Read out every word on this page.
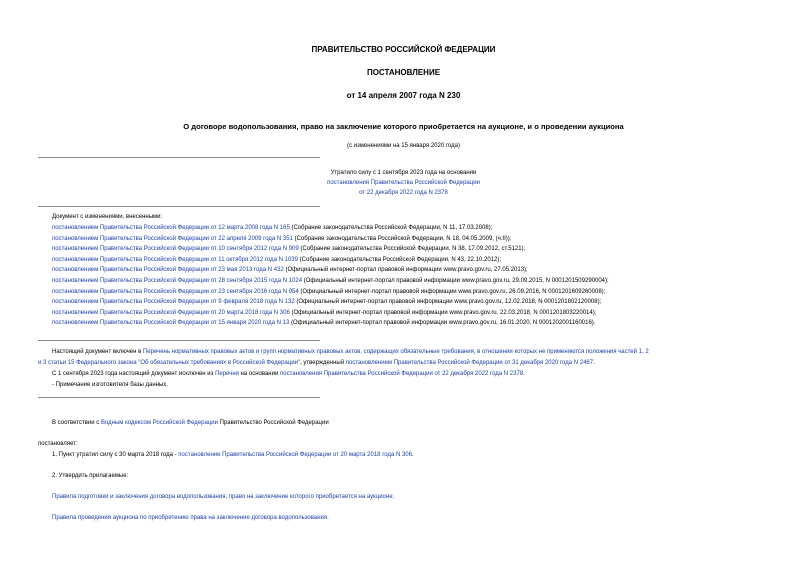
ПРАВИТЕЛЬСТВО РОССИЙСКОЙ ФЕДЕРАЦИИ
ПОСТАНОВЛЕНИЕ
от 14 апреля 2007 года N 230
О договоре водопользования, право на заключение которого приобретается на аукционе, и о проведении аукциона
(с изменениями на 15 января 2020 года)
Утратило силу с 1 сентября 2023 года на основании
постановления Правительства Российской Федерации
от 22 декабря 2022 года N 2378
Документ с изменениями, внесенными:
постановлением Правительства Российской Федерации от 12 марта 2008 года N 165 (Собрание законодательства Российской Федерации, N 11, 17.03.2008);
постановлением Правительства Российской Федерации от 22 апреля 2009 года N 351 (Собрание законодательства Российской Федерации, N 18, 04.05.2009, (ч.II));
постановлением Правительства Российской Федерации от 10 сентября 2012 года N 909 (Собрание законодательства Российской Федерации, N 38, 17.09.2012, ст.5121);
постановлением Правительства Российской Федерации от 11 октября 2012 года N 1039 (Собрание законодательства Российской Федерации, N 43, 22.10.2012);
постановлением Правительства Российской Федерации от 23 мая 2013 года N 432 (Официальный интернет-портал правовой информации www.pravo.gov.ru, 27.05.2013);
постановлением Правительства Российской Федерации от 28 сентября 2015 года N 1024 (Официальный интернет-портал правовой информации www.pravo.gov.ru, 29.09.2015, N 0001201509290004);
постановлением Правительства Российской Федерации от 23 сентября 2016 года N 954 (Официальный интернет-портал правовой информации www.pravo.gov.ru, 26.09.2016, N 0001201609260008);
постановлением Правительства Российской Федерации от 9 февраля 2018 года N 132 (Официальный интернет-портал правовой информации www.pravo.gov.ru, 12.02.2018, N 0001201802120008);
постановлением Правительства Российской Федерации от 20 марта 2018 года N 306 (Официальный интернет-портал правовой информации www.pravo.gov.ru, 22.03.2018, N 0001201803220014);
постановлением Правительства Российской Федерации от 15 января 2020 года N 13 (Официальный интернет-портал правовой информации www.pravo.gov.ru, 16.01.2020, N 0001202001160016).
Настоящий документ включен в Перечень нормативных правовых актов и групп нормативных правовых актов, содержащих обязательные требования, в отношении которых не применяются положения частей 1, 2
и 3 статьи 15 Федерального закона "Об обязательных требованиях в Российской Федерации", утвержденный постановлением Правительства Российской Федерации от 31 декабря 2020 года N 2467.
С 1 сентября 2023 года настоящий документ исключен из Перечня на основании постановления Правительства Российской Федерации от 22 декабря 2022 года N 2378.
- Примечание изготовителя базы данных.
В соответствии с Водным кодексом Российской Федерации Правительство Российской Федерации
постановляет:
1. Пункт утратил силу с 30 марта 2018 года - постановление Правительства Российской Федерации от 20 марта 2018 года N 306.
2. Утвердить прилагаемые:
Правила подготовки и заключения договора водопользования, право на заключение которого приобретается на аукционе;
Правила проведения аукциона по приобретению права на заключение договора водопользования.
